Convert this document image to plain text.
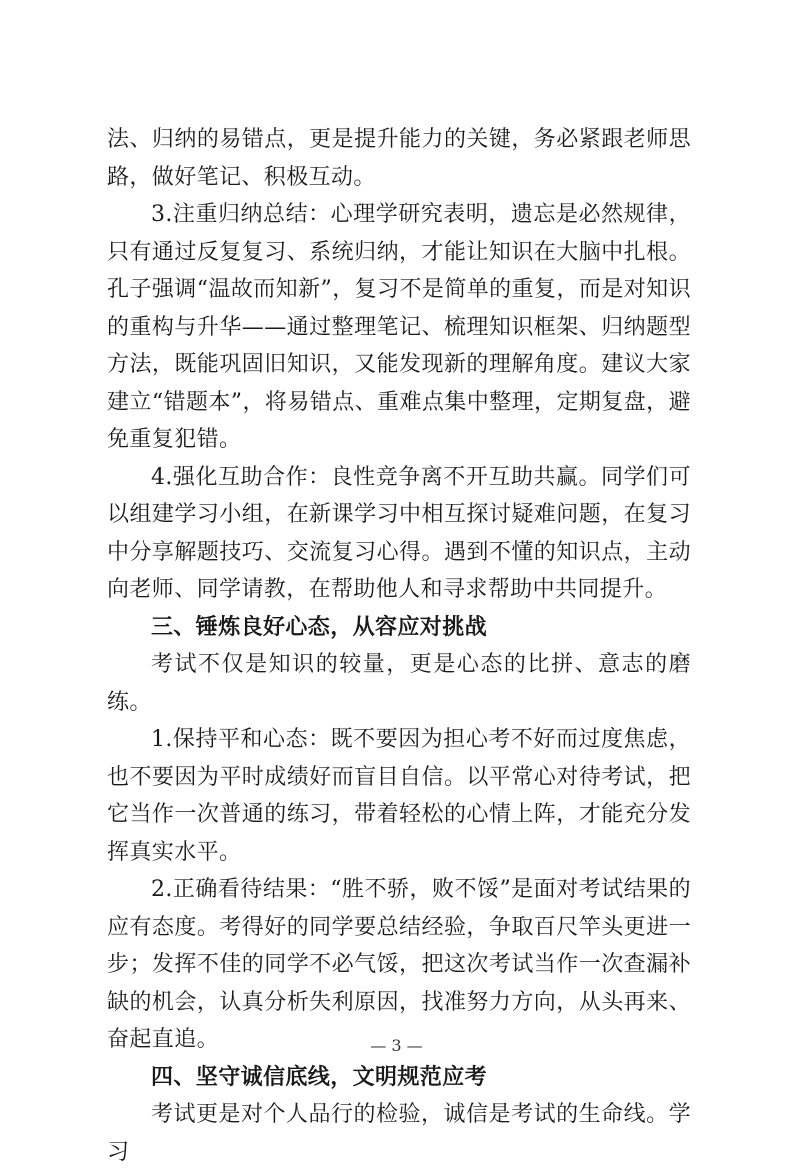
法、归纳的易错点，更是提升能力的关键，务必紧跟老师思路，做好笔记、积极互动。

3.注重归纳总结：心理学研究表明，遗忘是必然规律，只有通过反复复习、系统归纳，才能让知识在大脑中扎根。孔子强调“温故而知新”，复习不是简单的重复，而是对知识的重构与升华——通过整理笔记、梳理知识框架、归纳题型方法，既能巩固旧知识，又能发现新的理解角度。建议大家建立“错题本”，将易错点、重难点集中整理，定期复盘，避免重复犯错。

4.强化互助合作：良性竞争离不开互助共赢。同学们可以组建学习小组，在新课学习中相互探讨疑难问题，在复习中分享解题技巧、交流复习心得。遇到不懂的知识点，主动向老师、同学请教，在帮助他人和寻求帮助中共同提升。

三、锤炼良好心态，从容应对挑战

考试不仅是知识的较量，更是心态的比拼、意志的磨练。

1.保持平和心态：既不要因为担心考不好而过度焦虑，也不要因为平时成绩好而盲目自信。以平常心对待考试，把它当作一次普通的练习，带着轻松的心情上阵，才能充分发挥真实水平。

2.正确看待结果：“胜不骄，败不馁”是面对考试结果的应有态度。考得好的同学要总结经验，争取百尺竿头更进一步；发挥不佳的同学不必气馁，把这次考试当作一次查漏补缺的机会，认真分析失利原因，找准努力方向，从头再来、奋起直追。

四、坚守诚信底线，文明规范应考

考试更是对个人品行的检验，诚信是考试的生命线。学习

— 3 —
